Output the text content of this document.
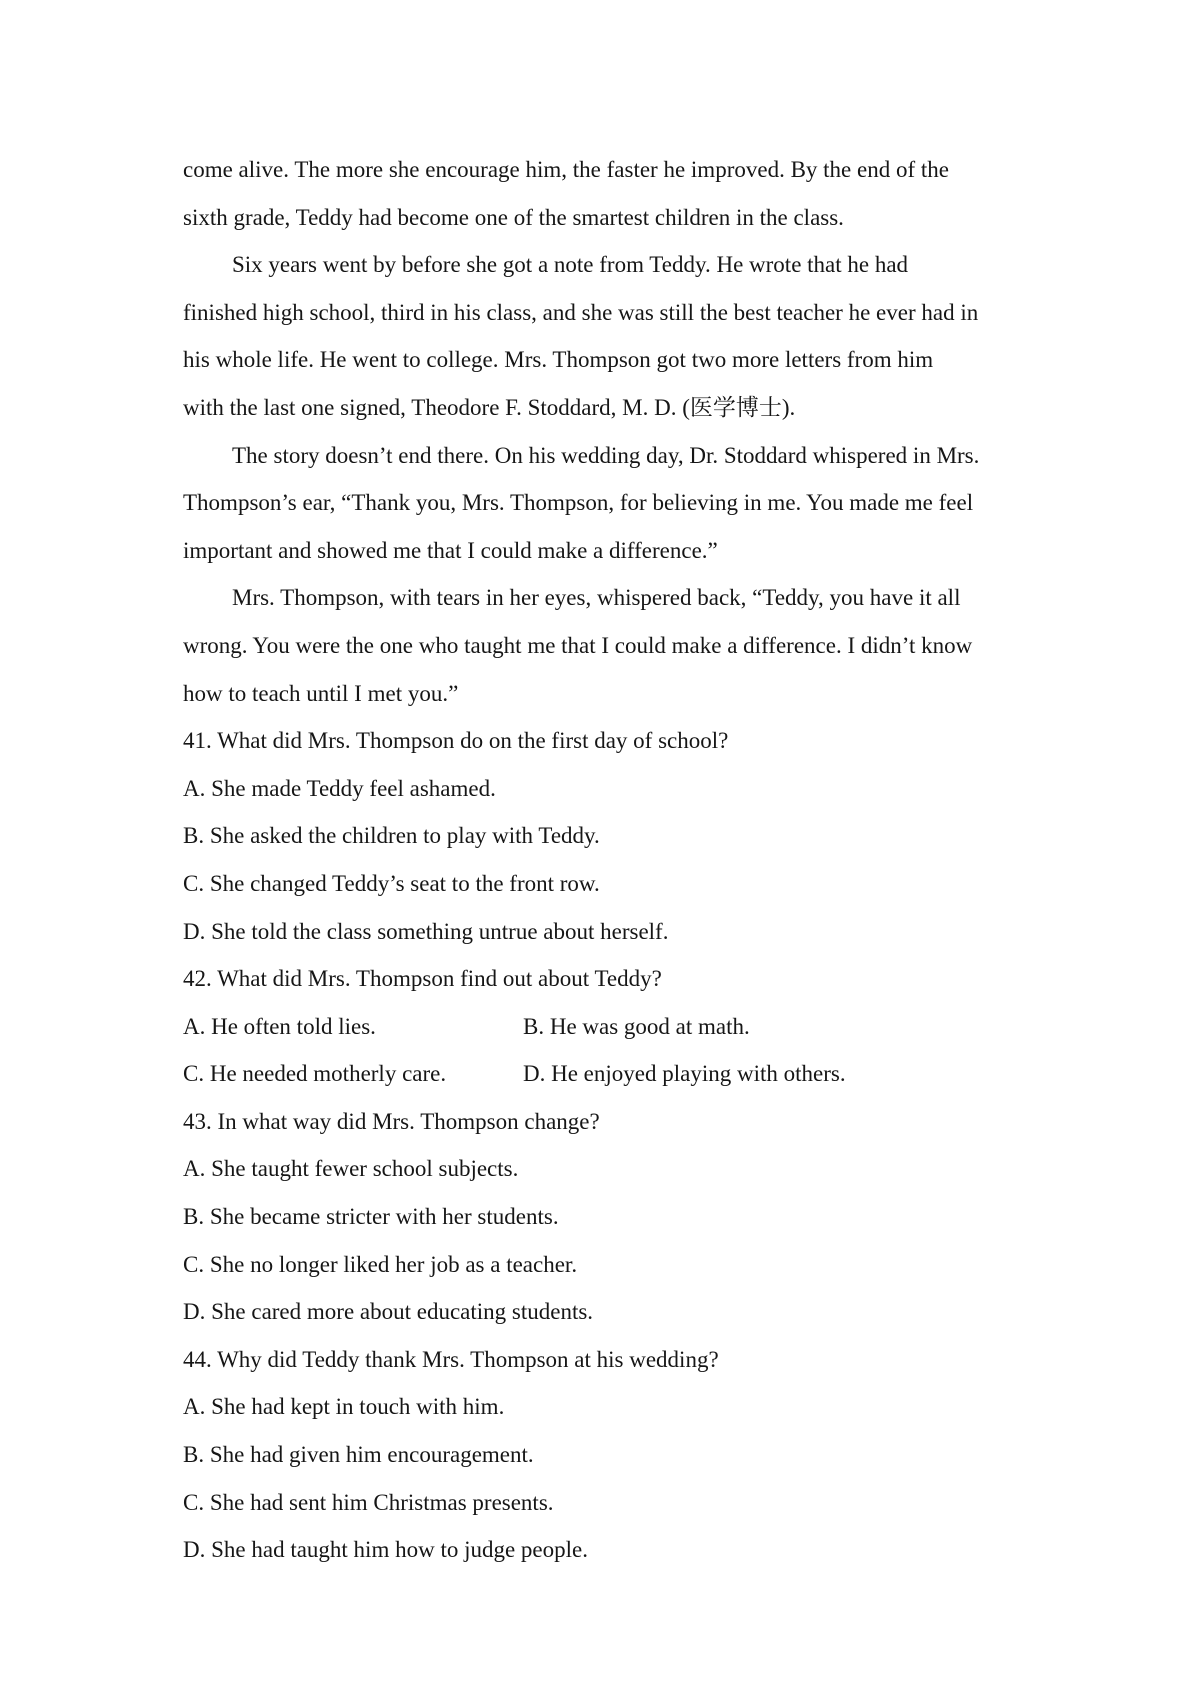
come alive. The more she encourage him, the faster he improved. By the end of the
sixth grade, Teddy had become one of the smartest children in the class.
Six years went by before she got a note from Teddy. He wrote that he had
finished high school, third in his class, and she was still the best teacher he ever had in
his whole life. He went to college. Mrs. Thompson got two more letters from him
with the last one signed, Theodore F. Stoddard, M. D. (医学博士).
The story doesn’t end there. On his wedding day, Dr. Stoddard whispered in Mrs.
Thompson’s ear, “Thank you, Mrs. Thompson, for believing in me. You made me feel
important and showed me that I could make a difference.”
Mrs. Thompson, with tears in her eyes, whispered back, “Teddy, you have it all
wrong. You were the one who taught me that I could make a difference. I didn’t know
how to teach until I met you.”
41. What did Mrs. Thompson do on the first day of school?
A. She made Teddy feel ashamed.
B. She asked the children to play with Teddy.
C. She changed Teddy’s seat to the front row.
D. She told the class something untrue about herself.
42. What did Mrs. Thompson find out about Teddy?
A. He often told lies.	B. He was good at math.
C. He needed motherly care.	D. He enjoyed playing with others.
43. In what way did Mrs. Thompson change?
A. She taught fewer school subjects.
B. She became stricter with her students.
C. She no longer liked her job as a teacher.
D. She cared more about educating students.
44. Why did Teddy thank Mrs. Thompson at his wedding?
A. She had kept in touch with him.
B. She had given him encouragement.
C. She had sent him Christmas presents.
D. She had taught him how to judge people.
